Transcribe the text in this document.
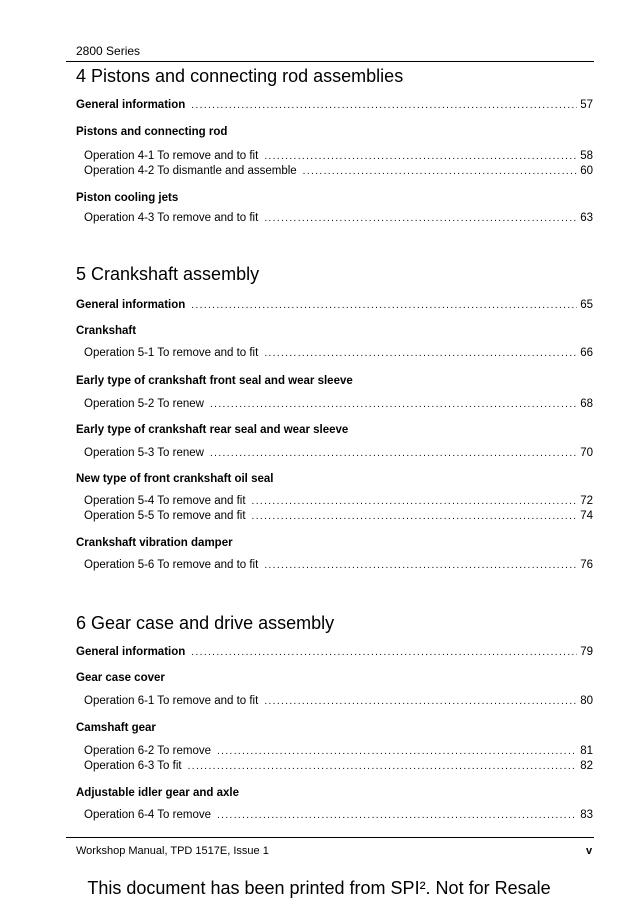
2800 Series
4 Pistons and connecting rod assemblies
General information .....	57
Pistons and connecting rod
Operation 4-1 To remove and to fit .....	58
Operation 4-2 To dismantle and assemble .....	60
Piston cooling jets
Operation 4-3 To remove and to fit .....	63
5 Crankshaft assembly
General information .....	65
Crankshaft
Operation 5-1 To remove and to fit .....	66
Early type of crankshaft front seal and wear sleeve
Operation 5-2 To renew .....	68
Early type of crankshaft rear seal and wear sleeve
Operation 5-3 To renew .....	70
New type of front crankshaft oil seal
Operation 5-4 To remove and fit .....	72
Operation 5-5 To remove and fit .....	74
Crankshaft vibration damper
Operation 5-6 To remove and to fit .....	76
6 Gear case and drive assembly
General information .....	79
Gear case cover
Operation 6-1 To remove and to fit .....	80
Camshaft gear
Operation 6-2 To remove .....	81
Operation 6-3 To fit .....	82
Adjustable idler gear and axle
Operation 6-4 To remove .....	83
Workshop Manual, TPD 1517E, Issue 1	v
This document has been printed from SPI². Not for Resale
